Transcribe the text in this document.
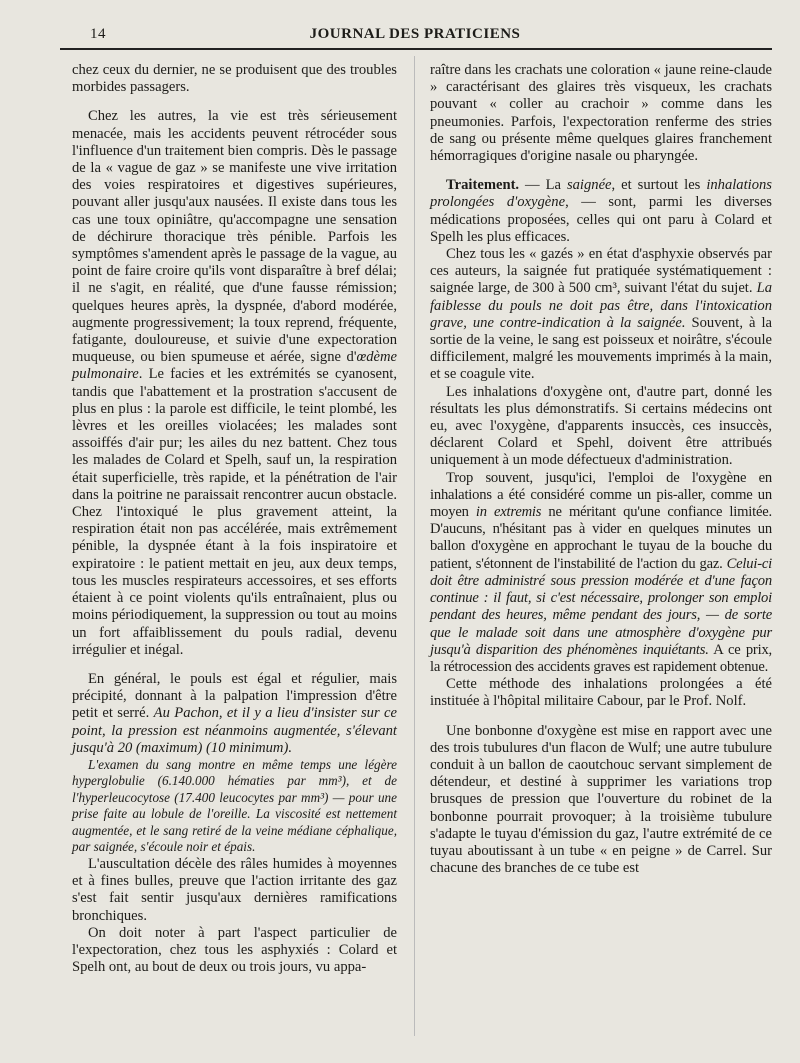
14	JOURNAL DES PRATICIENS

chez ceux du dernier, ne se produisent que des troubles morbides passagers.

Chez les autres, la vie est très sérieusement menacée, mais les accidents peuvent rétrocéder sous l'influence d'un traitement bien compris. Dès le passage de la « vague de gaz » se manifeste une vive irritation des voies respiratoires et digestives supérieures, pouvant aller jusqu'aux nausées. Il existe dans tous les cas une toux opiniâtre, qu'accompagne une sensation de déchirure thoracique très pénible. Parfois les symptômes s'amendent après le passage de la vague, au point de faire croire qu'ils vont disparaître à bref délai; il ne s'agit, en réalité, que d'une fausse rémission; quelques heures après, la dyspnée, d'abord modérée, augmente progressivement; la toux reprend, fréquente, fatigante, douloureuse, et suivie d'une expectoration muqueuse, ou bien spumeuse et aérée, signe d'œdème pulmonaire. Le facies et les extrémités se cyanosent, tandis que l'abattement et la prostration s'accusent de plus en plus : la parole est difficile, le teint plombé, les lèvres et les oreilles violacées; les malades sont assoiffés d'air pur; les ailes du nez battent. Chez tous les malades de Colard et Spelh, sauf un, la respiration était superficielle, très rapide, et la pénétration de l'air dans la poitrine ne paraissait rencontrer aucun obstacle. Chez l'intoxiqué le plus gravement atteint, la respiration était non pas accélérée, mais extrêmement pénible, la dyspnée étant à la fois inspiratoire et expiratoire : le patient mettait en jeu, aux deux temps, tous les muscles respirateurs accessoires, et ses efforts étaient à ce point violents qu'ils entraînaient, plus ou moins périodiquement, la suppression ou tout au moins un fort affaiblissement du pouls radial, devenu irrégulier et inégal.

En général, le pouls est égal et régulier, mais précipité, donnant à la palpation l'impression d'être petit et serré. Au Pachon, et il y a lieu d'insister sur ce point, la pression est néanmoins augmentée, s'élevant jusqu'à 20 (maximum) (10 minimum).

L'examen du sang montre en même temps une légère hyperglobulie (6.140.000 hématies par mm³), et de l'hyperleucocytose (17.400 leucocytes par mm³) — pour une prise faite au lobule de l'oreille. La viscosité est nettement augmentée, et le sang retiré de la veine médiane céphalique, par saignée, s'écoule noir et épais.

L'auscultation décèle des râles humides à moyennes et à fines bulles, preuve que l'action irritante des gaz s'est fait sentir jusqu'aux dernières ramifications bronchiques.

On doit noter à part l'aspect particulier de l'expectoration, chez tous les asphyxiés : Colard et Spelh ont, au bout de deux ou trois jours, vu appa-

raître dans les crachats une coloration « jaune reine-claude » caractérisant des glaires très visqueux, les crachats pouvant « coller au crachoir » comme dans les pneumonies. Parfois, l'expectoration renferme des stries de sang ou présente même quelques glaires franchement hémorragiques d'origine nasale ou pharyngée.

Traitement. — La saignée, et surtout les inhalations prolongées d'oxygène, — sont, parmi les diverses médications proposées, celles qui ont paru à Colard et Spelh les plus efficaces.

Chez tous les « gazés » en état d'asphyxie observés par ces auteurs, la saignée fut pratiquée systématiquement : saignée large, de 300 à 500 cm³, suivant l'état du sujet. La faiblesse du pouls ne doit pas être, dans l'intoxication grave, une contre-indication à la saignée. Souvent, à la sortie de la veine, le sang est poisseux et noirâtre, s'écoule difficilement, malgré les mouvements imprimés à la main, et se coagule vite.

Les inhalations d'oxygène ont, d'autre part, donné les résultats les plus démonstratifs. Si certains médecins ont eu, avec l'oxygène, d'apparents insuccès, ces insuccès, déclarent Colard et Spehl, doivent être attribués uniquement à un mode défectueux d'administration.

Trop souvent, jusqu'ici, l'emploi de l'oxygène en inhalations a été considéré comme un pis-aller, comme un moyen in extremis ne méritant qu'une confiance limitée. D'aucuns, n'hésitant pas à vider en quelques minutes un ballon d'oxygène en approchant le tuyau de la bouche du patient, s'étonnent de l'instabilité de l'action du gaz. Celui-ci doit être administré sous pression modérée et d'une façon continue : il faut, si c'est nécessaire, prolonger son emploi pendant des heures, même pendant des jours, — de sorte que le malade soit dans une atmosphère d'oxygène pur jusqu'à disparition des phénomènes inquiétants. A ce prix, la rétrocession des accidents graves est rapidement obtenue.

Cette méthode des inhalations prolongées a été instituée à l'hôpital militaire Cabour, par le Prof. Nolf.

Une bonbonne d'oxygène est mise en rapport avec une des trois tubulures d'un flacon de Wulf; une autre tubulure conduit à un ballon de caoutchouc servant simplement de détendeur, et destiné à supprimer les variations trop brusques de pression que l'ouverture du robinet de la bonbonne pourrait provoquer; à la troisième tubulure s'adapte le tuyau d'émission du gaz, l'autre extrémité de ce tuyau aboutissant à un tube « en peigne » de Carrel. Sur chacune des branches de ce tube est
